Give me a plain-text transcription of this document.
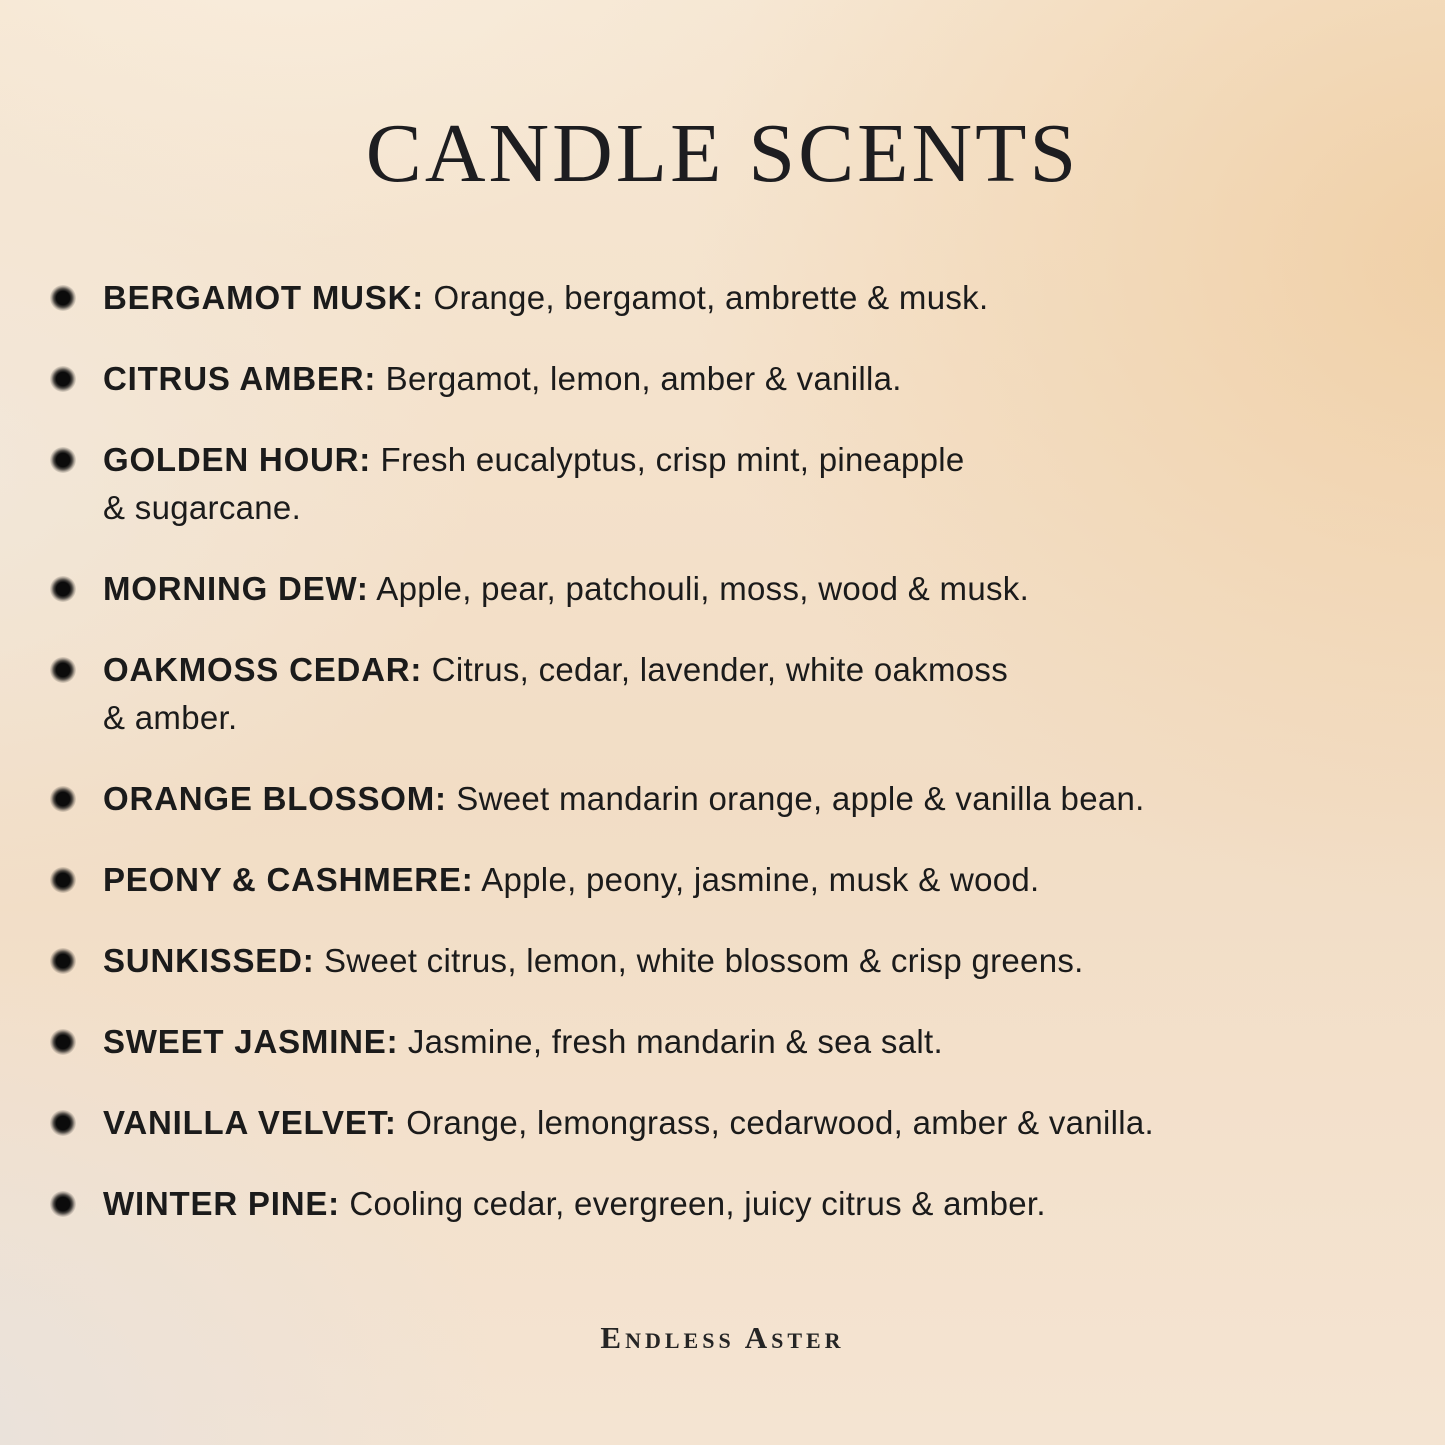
CANDLE SCENTS

BERGAMOT MUSK: Orange, bergamot, ambrette & musk.

CITRUS AMBER: Bergamot, lemon, amber & vanilla.

GOLDEN HOUR: Fresh eucalyptus, crisp mint, pineapple
& sugarcane.

MORNING DEW: Apple, pear, patchouli, moss, wood & musk.

OAKMOSS CEDAR: Citrus, cedar, lavender, white oakmoss
& amber.

ORANGE BLOSSOM: Sweet mandarin orange, apple & vanilla bean.

PEONY & CASHMERE: Apple, peony, jasmine, musk & wood.

SUNKISSED: Sweet citrus, lemon, white blossom & crisp greens.

SWEET JASMINE: Jasmine, fresh mandarin & sea salt.

VANILLA VELVET: Orange, lemongrass, cedarwood, amber & vanilla.

WINTER PINE: Cooling cedar, evergreen, juicy citrus & amber.

Endless Aster
